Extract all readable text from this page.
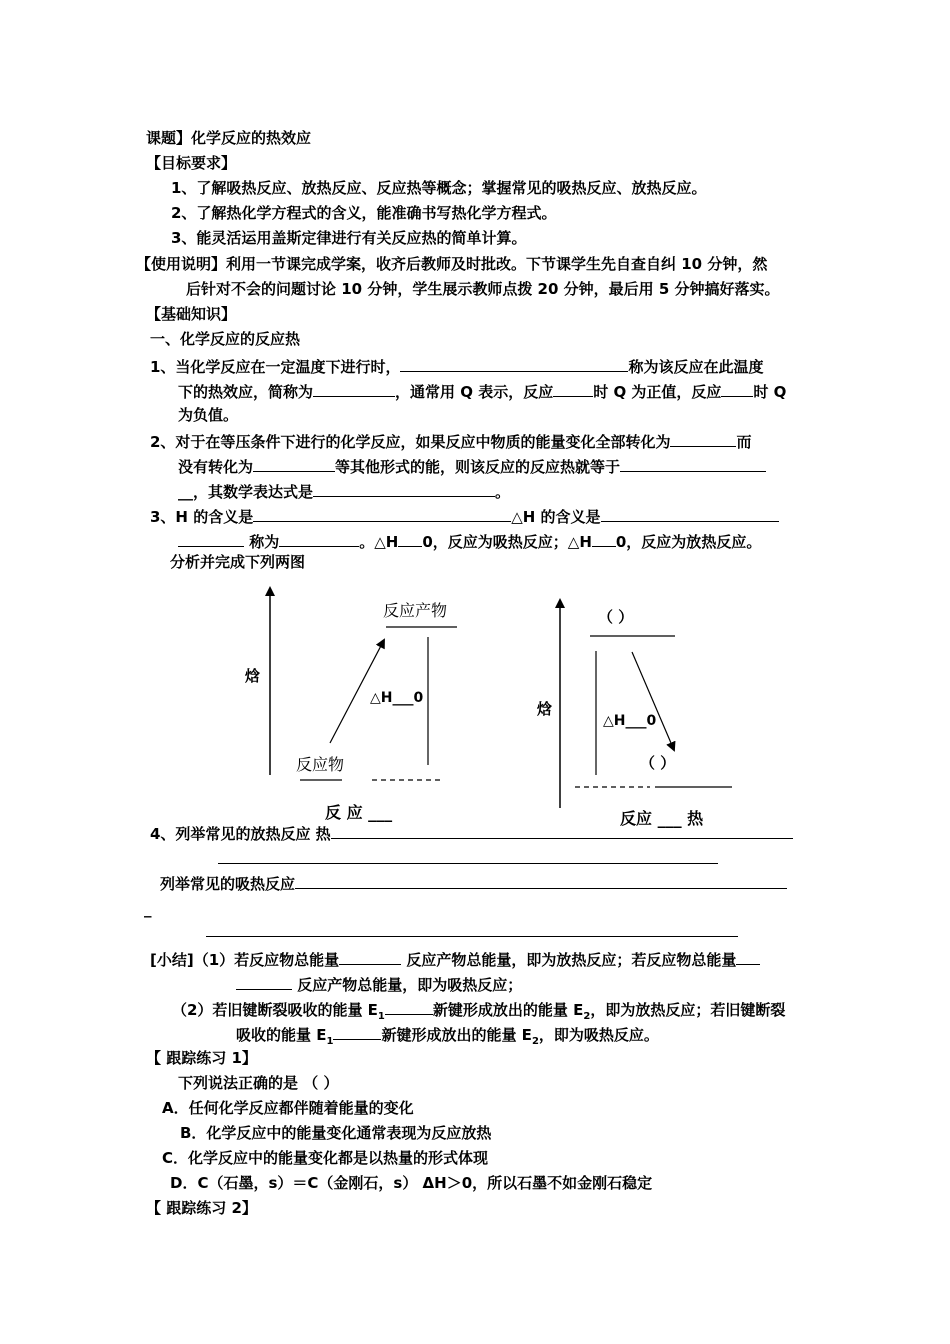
课题】化学反应的热效应
【目标要求】
1、了解吸热反应、放热反应、反应热等概念；掌握常见的吸热反应、放热反应。
2、了解热化学方程式的含义，能准确书写热化学方程式。
3、能灵活运用盖斯定律进行有关反应热的简单计算。
【使用说明】利用一节课完成学案，收齐后教师及时批改。下节课学生先自查自纠 10 分钟，然
后针对不会的问题讨论 10 分钟，学生展示教师点拨 20 分钟，最后用 5 分钟搞好落实。
【基础知识】
一、化学反应的反应热
1、当化学反应在一定温度下进行时，	称为该反应在此温度
下的热效应，简称为	，通常用 Q 表示，反应	时 Q 为正值，反应 时 Q
为负值。
2、对于在等压条件下进行的化学反应，如果反应中物质的能量变化全部转化为	而
没有转化为	等其他形式的能，则该反应的反应热就等于
__，其数学表达式是	。
3、H 的含义是	△H 的含义是
称为	。△H 0，反应为吸热反应；△H 0，反应为放热反应。
分析并完成下列两图
反应产物
焓
△H___0
反应物
反 应 ___
（ ）
焓
△H___0
（ ）
反应 ___ 热
4、列举常见的放热反应 热
列举常见的吸热反应
_
[小结]（1）若反应物总能量	反应产物总能量，即为放热反应；若反应物总能量
反应产物总能量，即为吸热反应；
（2）若旧键断裂吸收的能量 $E_1$	新键形成放出的能量 $E_2$，即为放热反应；若旧键断裂
吸收的能量 $E_1$	新键形成放出的能量 $E_2$，即为吸热反应。
【 跟踪练习 1】
下列说法正确的是 （ ）
A．任何化学反应都伴随着能量的变化
B．化学反应中的能量变化通常表现为反应放热
C．化学反应中的能量变化都是以热量的形式体现
D．C（石墨，s）＝C（金刚石，s） ΔH＞0，所以石墨不如金刚石稳定
【 跟踪练习 2】
